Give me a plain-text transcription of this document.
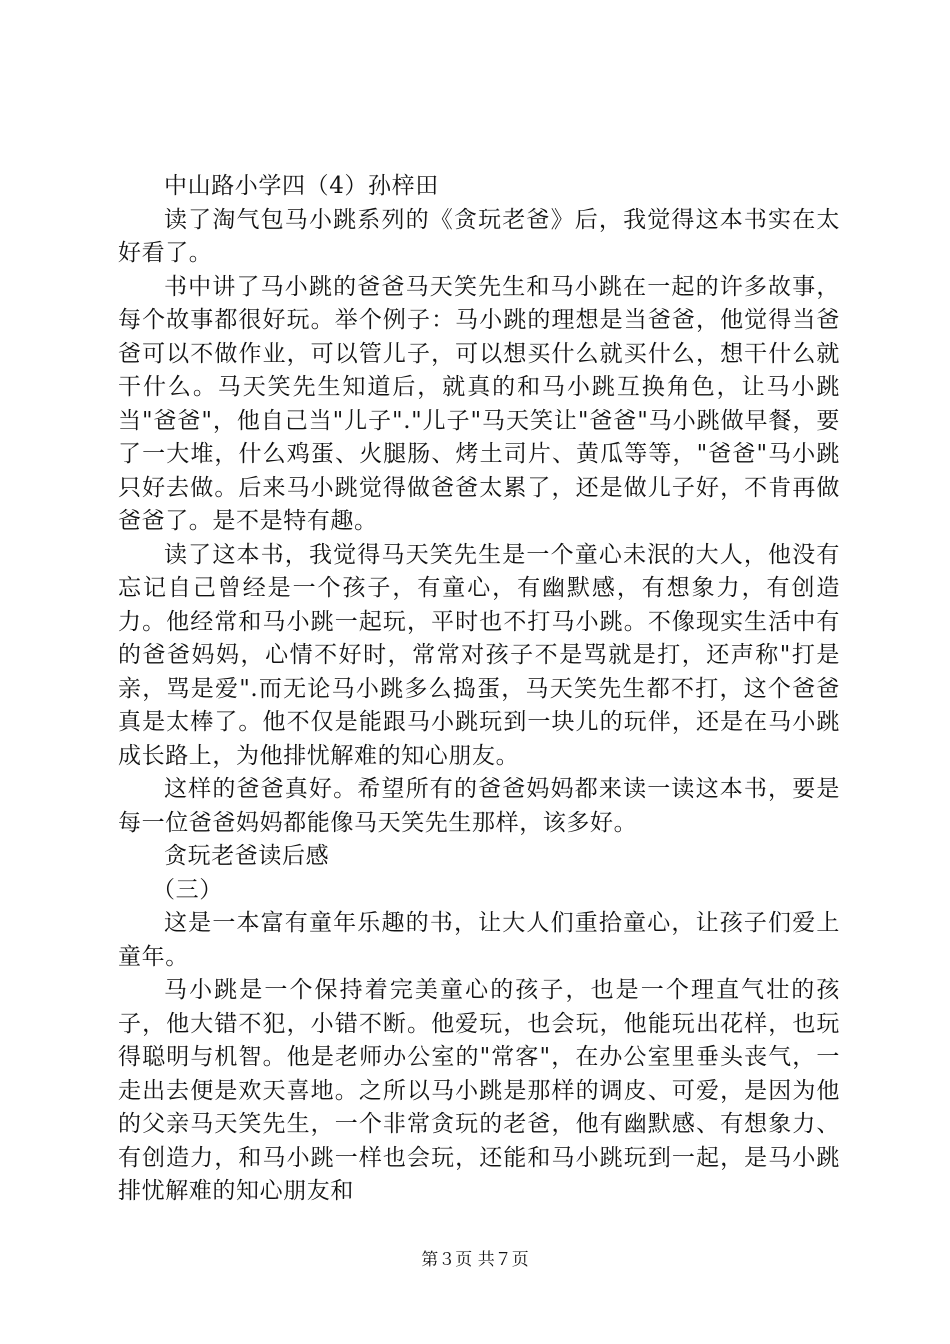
中山路小学四（4）孙梓田

读了淘气包马小跳系列的《贪玩老爸》后，我觉得这本书实在太好看了。

书中讲了马小跳的爸爸马天笑先生和马小跳在一起的许多故事，每个故事都很好玩。举个例子：马小跳的理想是当爸爸，他觉得当爸爸可以不做作业，可以管儿子，可以想买什么就买什么，想干什么就干什么。马天笑先生知道后，就真的和马小跳互换角色，让马小跳当"爸爸"，他自己当"儿子"."儿子"马天笑让"爸爸"马小跳做早餐，要了一大堆，什么鸡蛋、火腿肠、烤土司片、黄瓜等等，"爸爸"马小跳只好去做。后来马小跳觉得做爸爸太累了，还是做儿子好，不肯再做爸爸了。是不是特有趣。

读了这本书，我觉得马天笑先生是一个童心未泯的大人，他没有忘记自己曾经是一个孩子，有童心，有幽默感，有想象力，有创造力。他经常和马小跳一起玩，平时也不打马小跳。不像现实生活中有的爸爸妈妈，心情不好时，常常对孩子不是骂就是打，还声称"打是亲，骂是爱".而无论马小跳多么捣蛋，马天笑先生都不打，这个爸爸真是太棒了。他不仅是能跟马小跳玩到一块儿的玩伴，还是在马小跳成长路上，为他排忧解难的知心朋友。

这样的爸爸真好。希望所有的爸爸妈妈都来读一读这本书，要是每一位爸爸妈妈都能像马天笑先生那样，该多好。

贪玩老爸读后感

（三）

这是一本富有童年乐趣的书，让大人们重拾童心，让孩子们爱上童年。

马小跳是一个保持着完美童心的孩子，也是一个理直气壮的孩子，他大错不犯，小错不断。他爱玩，也会玩，他能玩出花样，也玩得聪明与机智。他是老师办公室的"常客"，在办公室里垂头丧气，一走出去便是欢天喜地。之所以马小跳是那样的调皮、可爱，是因为他的父亲马天笑先生，一个非常贪玩的老爸，他有幽默感、有想象力、有创造力，和马小跳一样也会玩，还能和马小跳玩到一起，是马小跳排忧解难的知心朋友和

第３页 共７页
